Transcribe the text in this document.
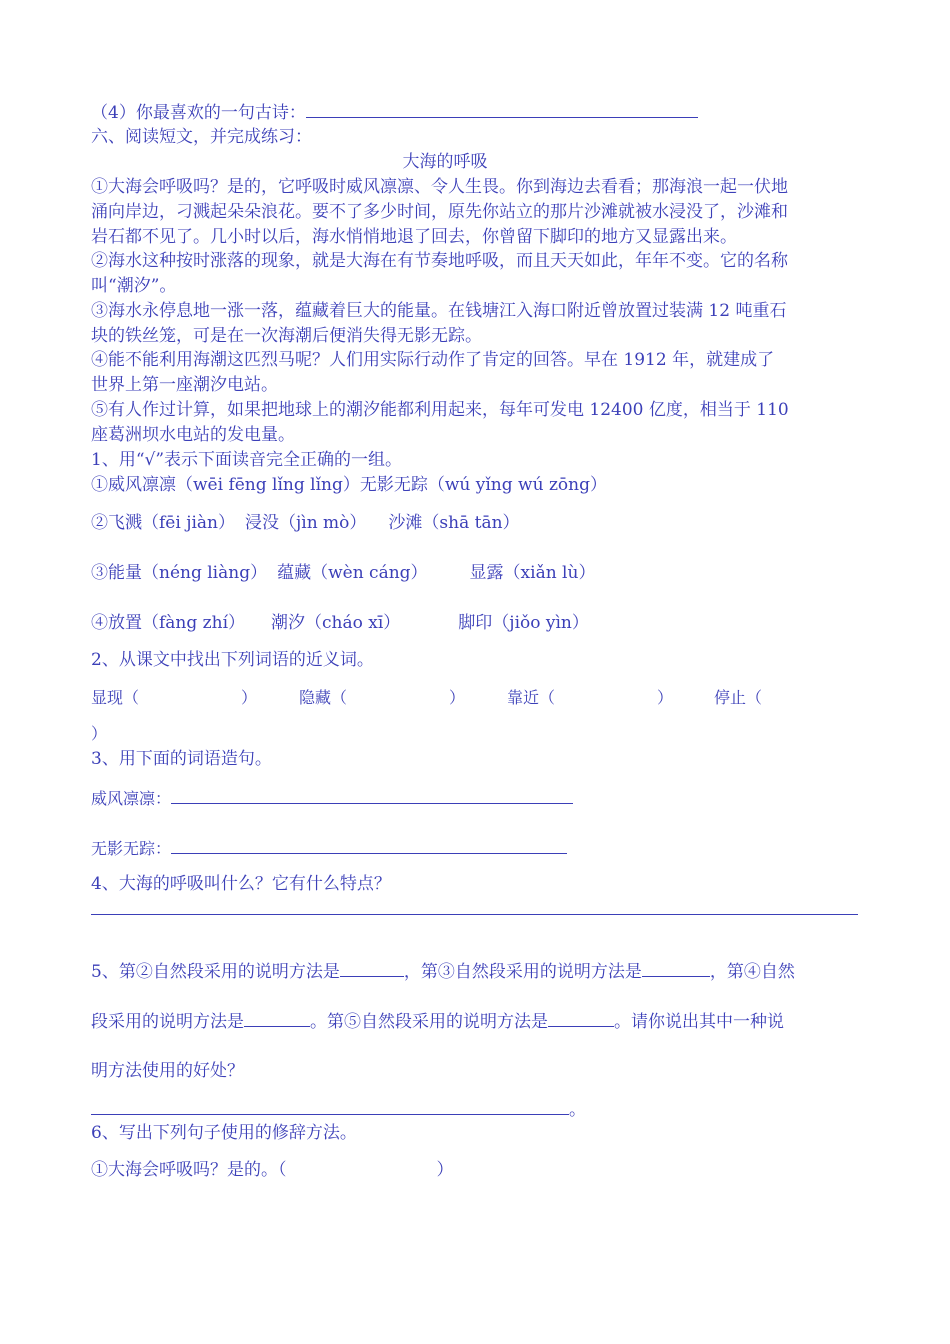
（4）你最喜欢的一句古诗：
六、阅读短文，并完成练习：
大海的呼吸
①大海会呼吸吗？是的，它呼吸时威风凛凛、令人生畏。你到海边去看看；那海浪一起一伏地
涌向岸边，刁溅起朵朵浪花。要不了多少时间，原先你站立的那片沙滩就被水浸没了，沙滩和
岩石都不见了。几小时以后，海水悄悄地退了回去，你曾留下脚印的地方又显露出来。
②海水这种按时涨落的现象，就是大海在有节奏地呼吸，而且天天如此，年年不变。它的名称
叫“潮汐”。
③海水永停息地一涨一落，蕴藏着巨大的能量。在钱塘江入海口附近曾放置过装满 12 吨重石
块的铁丝笼，可是在一次海潮后便消失得无影无踪。
④能不能利用海潮这匹烈马呢？人们用实际行动作了肯定的回答。早在 1912 年，就建成了
世界上第一座潮汐电站。
⑤有人作过计算，如果把地球上的潮汐能都利用起来，每年可发电 12400 亿度，相当于 110
座葛洲坝水电站的发电量。
1、用“√”表示下面读音完全正确的一组。
①威风凛凛（wēi fēng lǐng lǐng）无影无踪（wú yǐng wú zōng）
②飞溅（fēi jiàn） 浸没（jìn mò） 沙滩（shā tān）
③能量（néng liàng） 蕴藏（wèn cáng） 显露（xiǎn lù）
④放置（fàng zhí） 潮汐（cháo xī）	脚印（jiǒo yìn）
2、从课文中找出下列词语的近义词。
显现（	）	隐藏（	）	靠近（	）	停止（
）
3、用下面的词语造句。
威风凛凛：
无影无踪：
4、大海的呼吸叫什么？它有什么特点？
5、第②自然段采用的说明方法是	，第③自然段采用的说明方法是	，第④自然
段采用的说明方法是	。第⑤自然段采用的说明方法是	。请你说出其中一种说
明方法使用的好处？
。
6、写出下列句子使用的修辞方法。
①大海会呼吸吗？是的。（	）
